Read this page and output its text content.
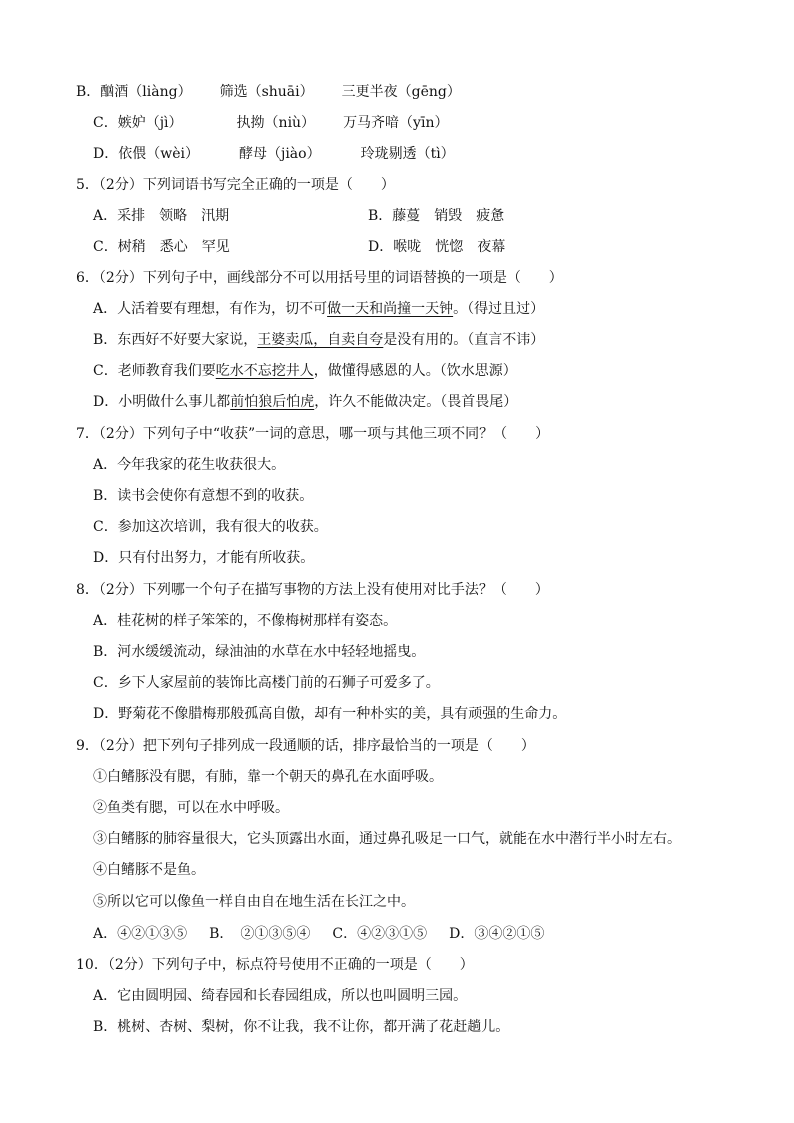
B．酗酒（liàng） 筛选（shuāi） 三更半夜（gēng）
C．嫉妒（jì）	执拗（niù） 万马齐喑（yīn）
D．依偎（wèi）	酵母（jiào）	玲珑剔透（tì）
5．（2分）下列词语书写完全正确的一项是（　　）
A．采排　领略　汛期	B．藤蔓　销毁　疲惫
C．树稍　悉心　罕见	D．喉咙　恍惚　夜幕
6．（2分）下列句子中，画线部分不可以用括号里的词语替换的一项是（　　）
A．人活着要有理想，有作为，切不可做一天和尚撞一天钟。（得过且过）
B．东西好不好要大家说，王婆卖瓜，自卖自夸是没有用的。（直言不讳）
C．老师教育我们要吃水不忘挖井人，做懂得感恩的人。（饮水思源）
D．小明做什么事儿都前怕狼后怕虎，许久不能做决定。（畏首畏尾）
7．（2分）下列句子中“收获”一词的意思，哪一项与其他三项不同？（　　）
A．今年我家的花生收获很大。
B．读书会使你有意想不到的收获。
C．参加这次培训，我有很大的收获。
D．只有付出努力，才能有所收获。
8．（2分）下列哪一个句子在描写事物的方法上没有使用对比手法？（　　）
A．桂花树的样子笨笨的，不像梅树那样有姿态。
B．河水缓缓流动，绿油油的水草在水中轻轻地摇曳。
C．乡下人家屋前的装饰比高楼门前的石狮子可爱多了。
D．野菊花不像腊梅那般孤高自傲，却有一种朴实的美，具有顽强的生命力。
9．（2分）把下列句子排列成一段通顺的话，排序最恰当的一项是（　　）
①白鳍豚没有腮，有肺，靠一个朝天的鼻孔在水面呼吸。
②鱼类有腮，可以在水中呼吸。
③白鳍豚的肺容量很大，它头顶露出水面，通过鼻孔吸足一口气，就能在水中潜行半小时左右。
④白鳍豚不是鱼。
⑤所以它可以像鱼一样自由自在地生活在长江之中。
A．④②①③⑤ B．　②①③⑤④ C．④②③①⑤ D．③④②①⑤
10．（2分）下列句子中，标点符号使用不正确的一项是（　　）
A．它由圆明园、绮春园和长春园组成，所以也叫圆明三园。
B．桃树、杏树、梨树，你不让我，我不让你，都开满了花赶趟儿。
